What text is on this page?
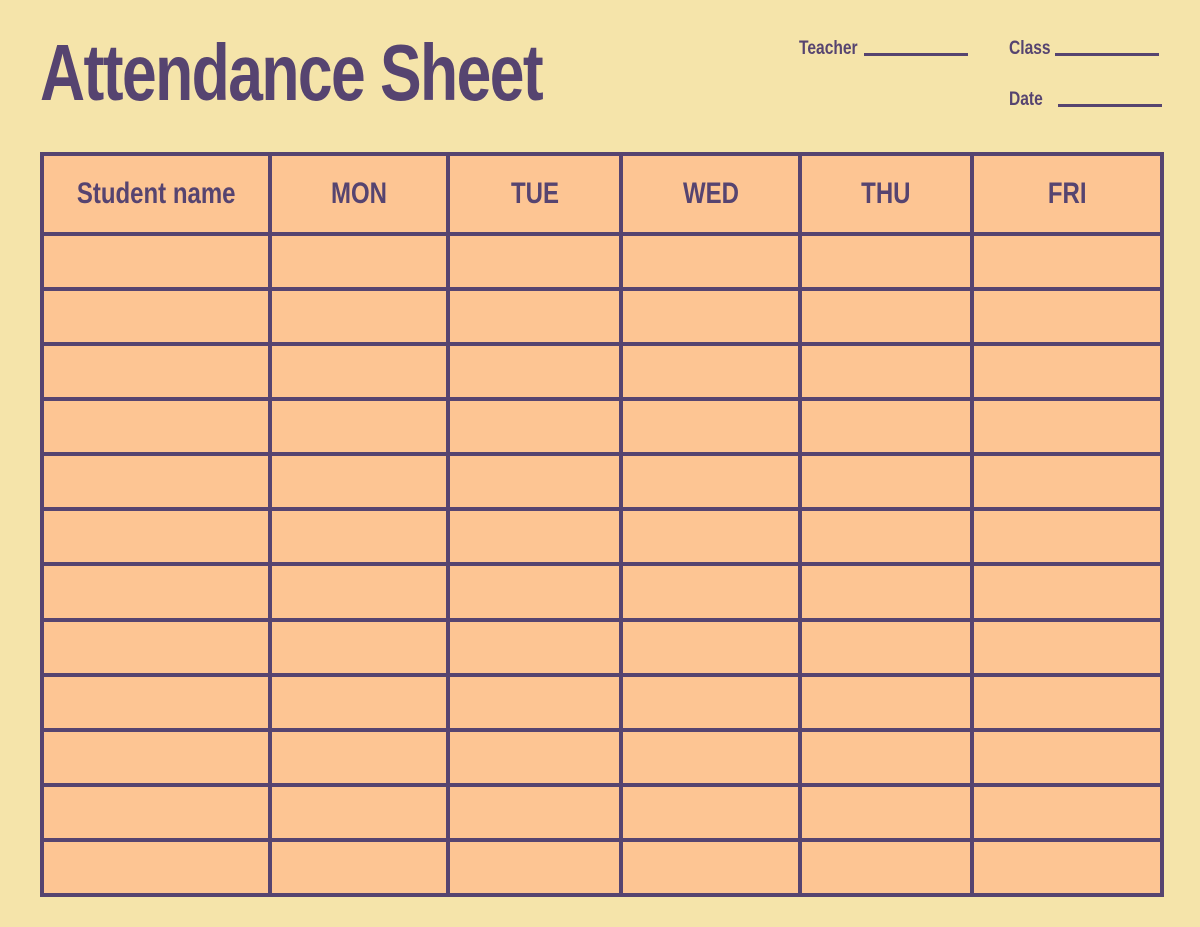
Attendance Sheet	Teacher	Class
Date
Student name	MON	TUE	WED	THU	FRI
